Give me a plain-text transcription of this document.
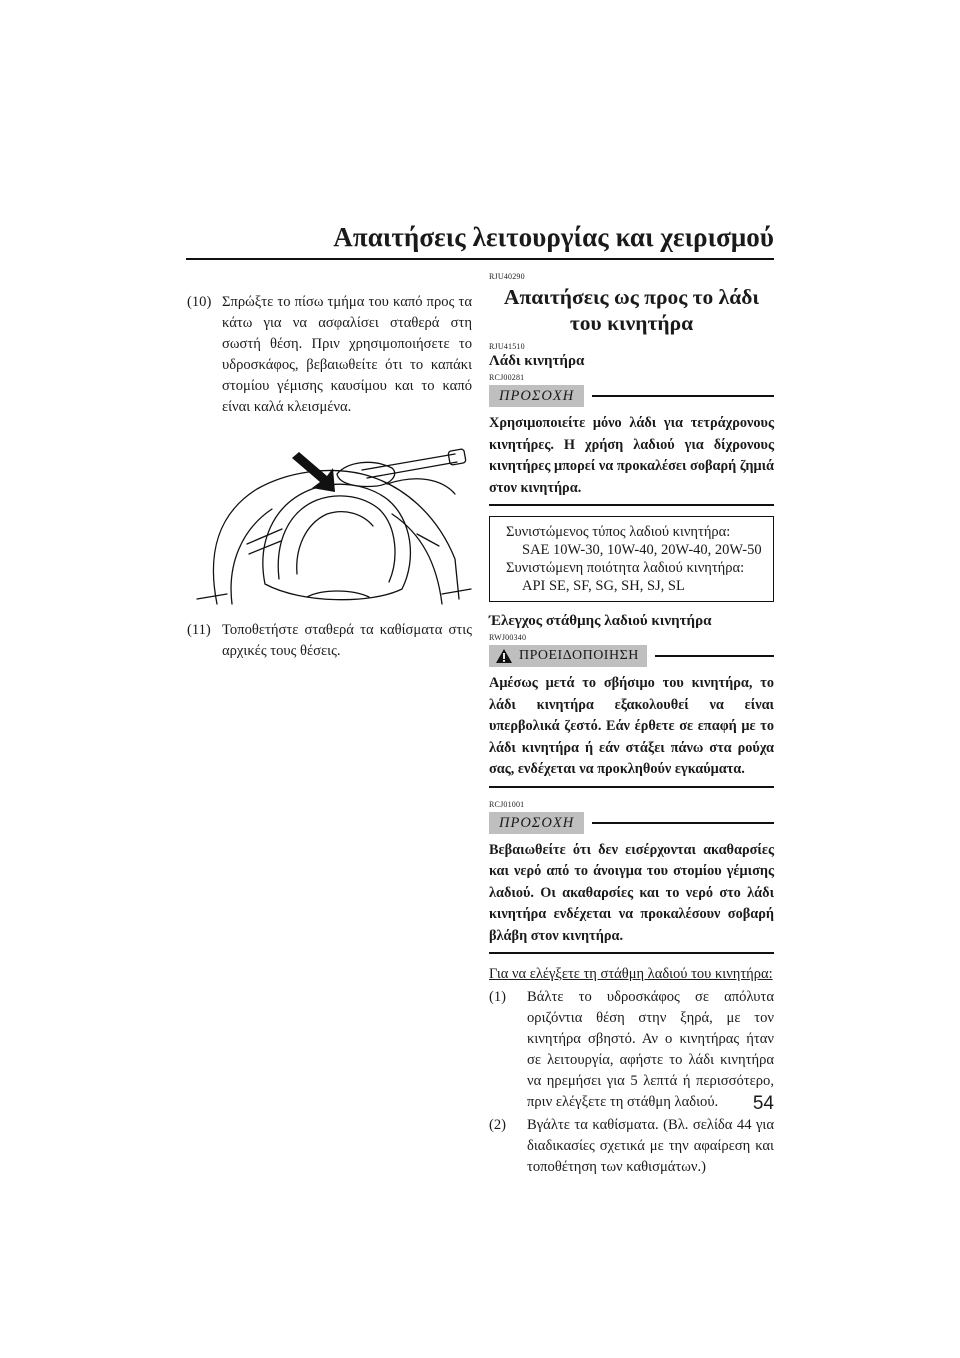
Απαιτήσεις λειτουργίας και χειρισμού
(10) Σπρώξτε το πίσω τμήμα του καπό προς τα κάτω για να ασφαλίσει σταθερά στη σωστή θέση. Πριν χρησιμοποιήσετε το υδροσκάφος, βεβαιωθείτε ότι το καπάκι στομίου γέμισης καυσίμου και το καπό είναι καλά κλεισμένα.
(11) Τοποθετήστε σταθερά τα καθίσματα στις αρχικές τους θέσεις.
RJU40290
Απαιτήσεις ως προς το λάδι του κινητήρα
RJU41510
Λάδι κινητήρα
RCJ00281
ΠΡΟΣΟΧΗ
Χρησιμοποιείτε μόνο λάδι για τετράχρονους κινητήρες. Η χρήση λαδιού για δίχρονους κινητήρες μπορεί να προκαλέσει σοβαρή ζημιά στον κινητήρα.
Συνιστώμενος τύπος λαδιού κινητήρα:
SAE 10W-30, 10W-40, 20W-40, 20W-50
Συνιστώμενη ποιότητα λαδιού κινητήρα:
API SE, SF, SG, SH, SJ, SL
Έλεγχος στάθμης λαδιού κινητήρα
RWJ00340
ΠΡΟΕΙΔΟΠΟΙΗΣΗ
Αμέσως μετά το σβήσιμο του κινητήρα, το λάδι κινητήρα εξακολουθεί να είναι υπερβολικά ζεστό. Εάν έρθετε σε επαφή με το λάδι κινητήρα ή εάν στάξει πάνω στα ρούχα σας, ενδέχεται να προκληθούν εγκαύματα.
RCJ01001
ΠΡΟΣΟΧΗ
Βεβαιωθείτε ότι δεν εισέρχονται ακαθαρσίες και νερό από το άνοιγμα του στομίου γέμισης λαδιού. Οι ακαθαρσίες και το νερό στο λάδι κινητήρα ενδέχεται να προκαλέσουν σοβαρή βλάβη στον κινητήρα.
Για να ελέγξετε τη στάθμη λαδιού του κινητήρα:
(1) Βάλτε το υδροσκάφος σε απόλυτα οριζόντια θέση στην ξηρά, με τον κινητήρα σβηστό. Αν ο κινητήρας ήταν σε λειτουργία, αφήστε το λάδι κινητήρα να ηρεμήσει για 5 λεπτά ή περισσότερο, πριν ελέγξετε τη στάθμη λαδιού.
(2) Βγάλτε τα καθίσματα. (Βλ. σελίδα 44 για διαδικασίες σχετικά με την αφαίρεση και τοποθέτηση των καθισμάτων.)
54
